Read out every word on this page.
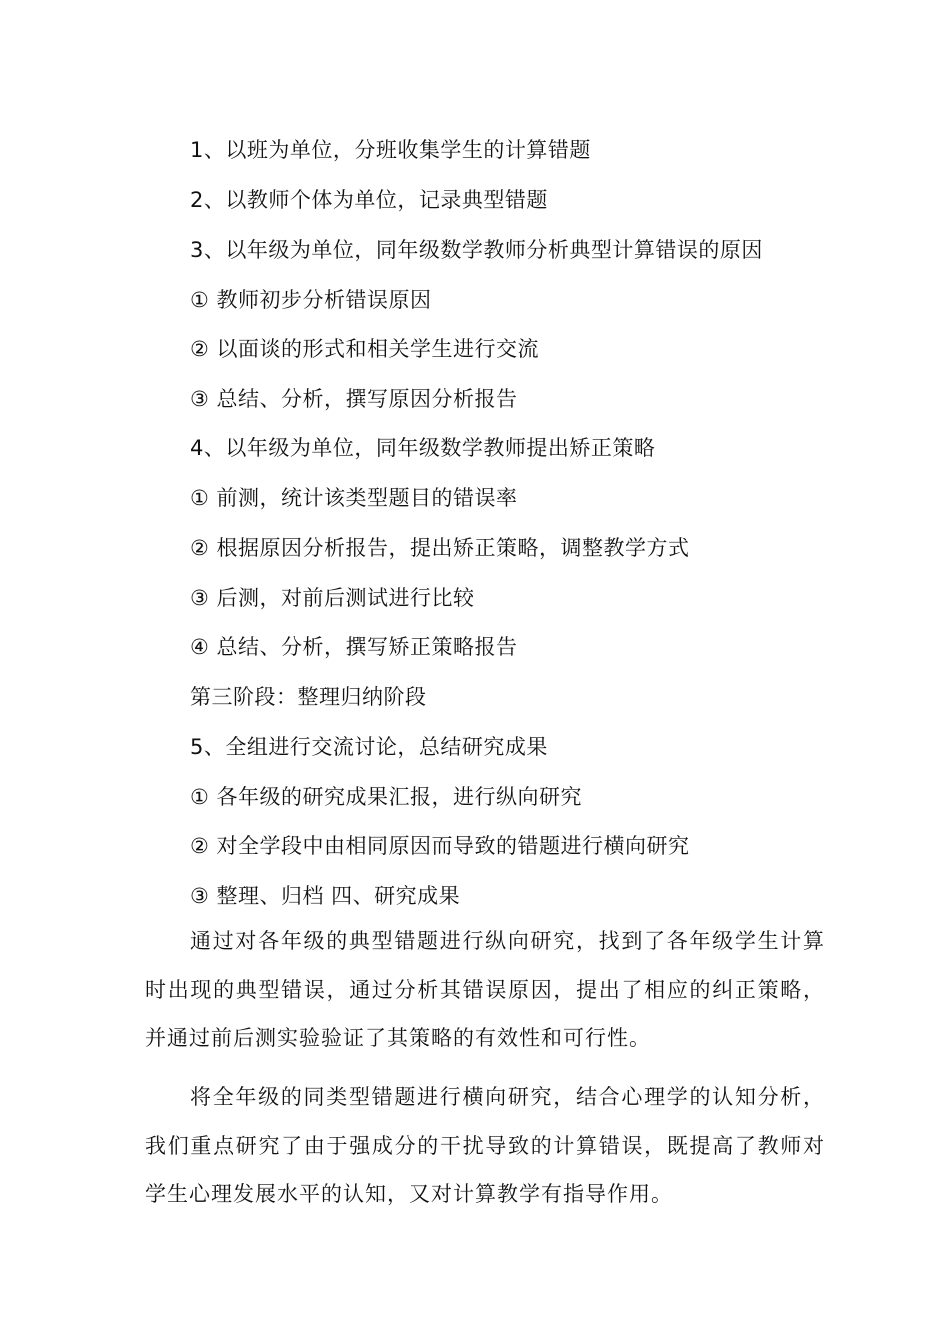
1、以班为单位，分班收集学生的计算错题
2、以教师个体为单位，记录典型错题
3、以年级为单位，同年级数学教师分析典型计算错误的原因
① 教师初步分析错误原因
② 以面谈的形式和相关学生进行交流
③ 总结、分析，撰写原因分析报告
4、以年级为单位，同年级数学教师提出矫正策略
① 前测，统计该类型题目的错误率
② 根据原因分析报告，提出矫正策略，调整教学方式
③ 后测，对前后测试进行比较
④ 总结、分析，撰写矫正策略报告
第三阶段：整理归纳阶段
5、全组进行交流讨论，总结研究成果
① 各年级的研究成果汇报，进行纵向研究
② 对全学段中由相同原因而导致的错题进行横向研究
③ 整理、归档 四、研究成果

通过对各年级的典型错题进行纵向研究，找到了各年级学生计算时出现的典型错误，通过分析其错误原因，提出了相应的纠正策略，并通过前后测实验验证了其策略的有效性和可行性。

将全年级的同类型错题进行横向研究，结合心理学的认知分析，我们重点研究了由于强成分的干扰导致的计算错误，既提高了教师对学生心理发展水平的认知，又对计算教学有指导作用。
